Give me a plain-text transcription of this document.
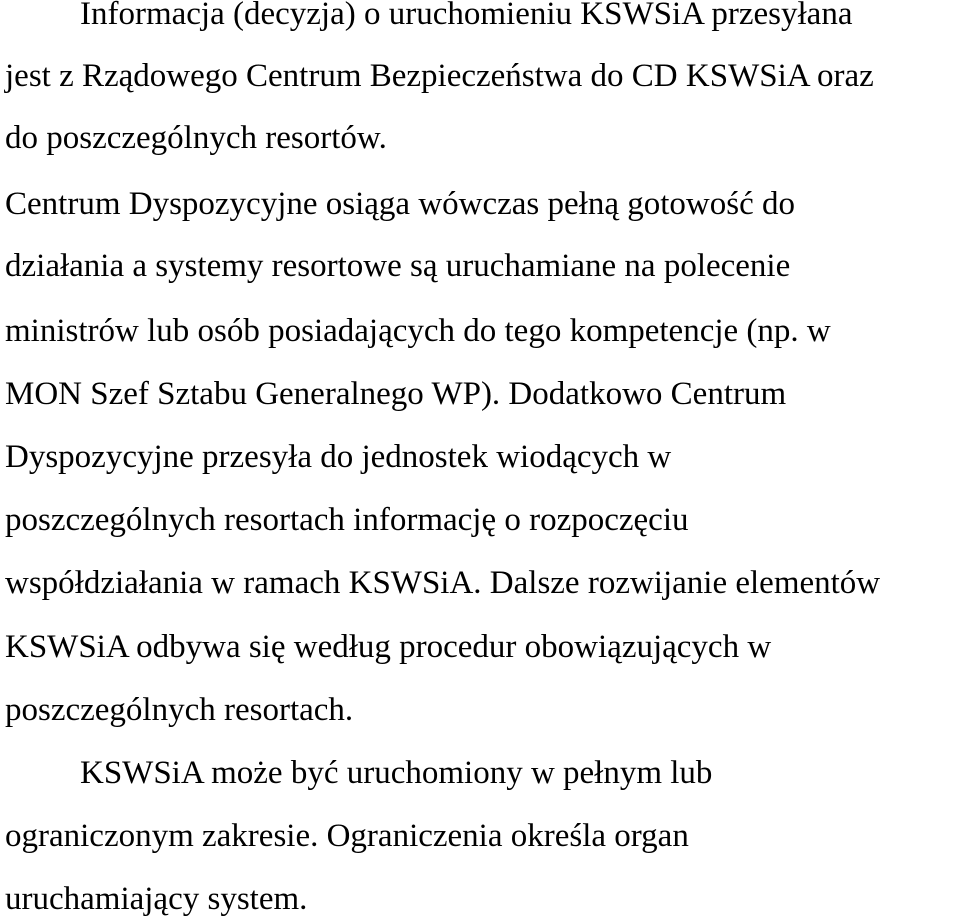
Informacja (decyzja) o uruchomieniu KSWSiA przesyłana

jest z Rządowego Centrum Bezpieczeństwa do CD KSWSiA oraz

do poszczególnych resortów.

Centrum Dyspozycyjne osiąga wówczas pełną gotowość do

działania a systemy resortowe są uruchamiane na polecenie

ministrów lub osób posiadających do tego kompetencje (np. w

MON Szef Sztabu Generalnego WP). Dodatkowo Centrum

Dyspozycyjne przesyła do jednostek wiodących w

poszczególnych resortach informację o rozpoczęciu

współdziałania w ramach KSWSiA. Dalsze rozwijanie elementów

KSWSiA odbywa się według procedur obowiązujących w

poszczególnych resortach.

KSWSiA może być uruchomiony w pełnym lub

ograniczonym zakresie. Ograniczenia określa organ

uruchamiający system.
